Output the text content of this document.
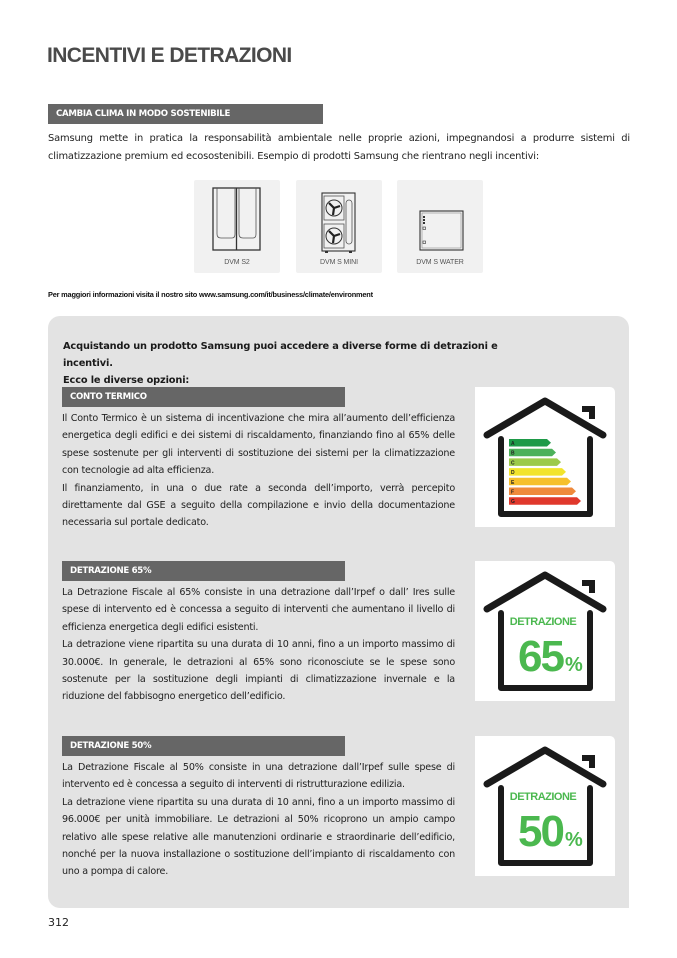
INCENTIVI E DETRAZIONI
CAMBIA CLIMA IN MODO SOSTENIBILE
Samsung mette in pratica la responsabilità ambientale nelle proprie azioni, impegnandosi a produrre sistemi di climatizzazione premium ed ecosostenibili. Esempio di prodotti Samsung che rientrano negli incentivi:
DVM S2	DVM S MINI	DVM S WATER
Per maggiori informazioni visita il nostro sito www.samsung.com/it/business/climate/environment
Acquistando un prodotto Samsung puoi accedere a diverse forme di detrazioni e incentivi.
Ecco le diverse opzioni:
CONTO TERMICO

Il Conto Termico è un sistema di incentivazione che mira all’aumento dell’efficienza energetica degli edifici e dei sistemi di riscaldamento, finanziando fino al 65% delle spese sostenute per gli interventi di sostituzione dei sistemi per la climatizzazione con tecnologie ad alta efficienza.

Il finanziamento, in una o due rate a seconda dell’importo, verrà percepito direttamente dal GSE a seguito della compilazione e invio della documentazione necessaria sul portale dedicato.

A
B
C
D
E
F
G
DETRAZIONE 65%

La Detrazione Fiscale al 65% consiste in una detrazione dall’Irpef o dall’ Ires sulle spese di intervento ed è concessa a seguito di interventi che aumentano il livello di efficienza energetica degli edifici esistenti.

La detrazione viene ripartita su una durata di 10 anni, fino a un importo massimo di 30.000€. In generale, le detrazioni al 65% sono riconosciute se le spese sono sostenute per la sostituzione degli impianti di climatizzazione invernale e la riduzione del fabbisogno energetico dell’edificio.

DETRAZIONE
65 %
DETRAZIONE 50%

La Detrazione Fiscale al 50% consiste in una detrazione dall’Irpef sulle spese di intervento ed è concessa a seguito di interventi di ristrutturazione edilizia.

La detrazione viene ripartita su una durata di 10 anni, fino a un importo massimo di 96.000€ per unità immobiliare. Le detrazioni al 50% ricoprono un ampio campo relativo alle spese relative alle manutenzioni ordinarie e straordinarie dell’edificio, nonché per la nuova installazione o sostituzione dell’impianto di riscaldamento con uno a pompa di calore.

DETRAZIONE
50 %
312
